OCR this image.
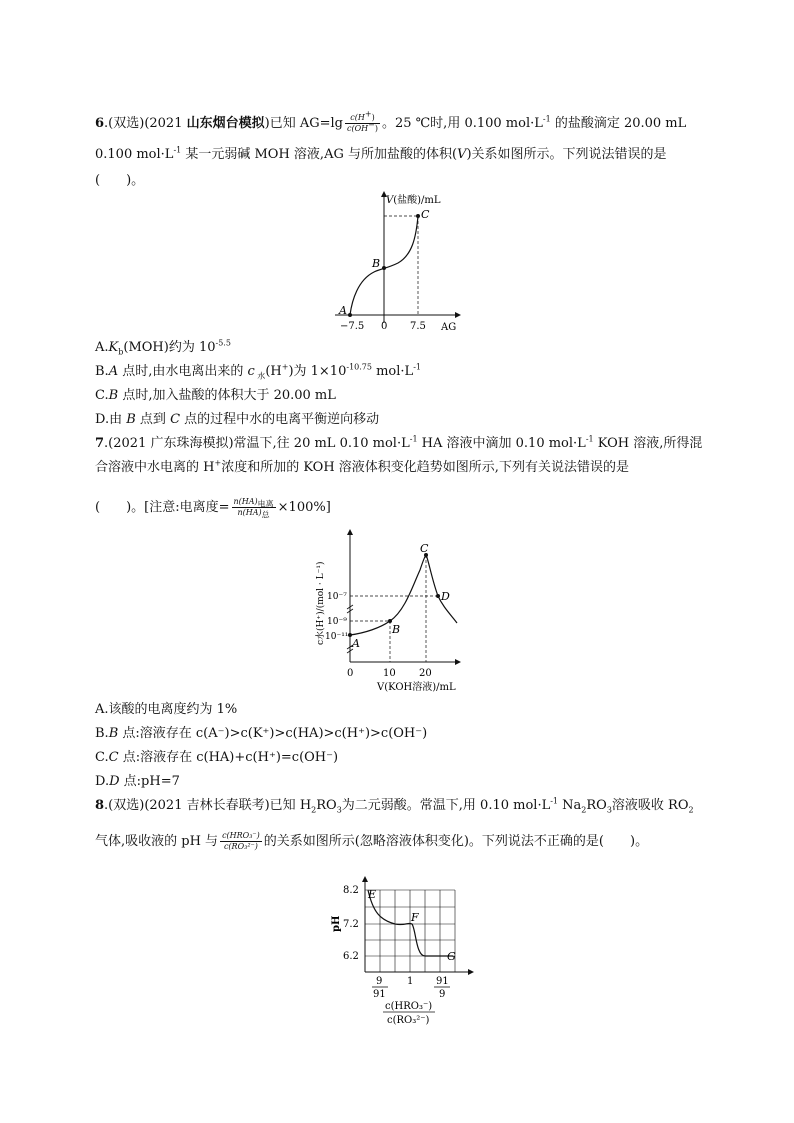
6.(双选)(2021 山东烟台模拟)已知 $AG=\lg \frac{c(H^+)}{c(OH^-)}$ 。25 ℃时,用 0.100 $mol\cdot L^{-1}$ 的盐酸滴定 20.00 mL
0.100 $mol\cdot L^{-1}$ 某一元弱碱 MOH 溶液,AG 与所加盐酸的体积(V)关系如图所示。下列说法错误的是
(　　)。
V(盐酸)/mL
AG
−7.5 0 7.5
A
B
C
$A.K_b(MOH)$约为 $10^{-5.5}$
B.A 点时,由水电离出来的 c $_水$(H+)为 $1\times 10^{-10.75}$ $mol\cdot L^{-1}$
C.B 点时,加入盐酸的体积大于 20.00 mL
D.由 B 点到 C 点的过程中水的电离平衡逆向移动
7.(2021 广东珠海模拟)常温下,往 20 mL 0.10 $mol\cdot L^{-1}$ HA 溶液中滴加 0.10 $mol\cdot L^{-1}$ KOH 溶液,所得混
合溶液中水电离的 H+浓度和所加的 KOH 溶液体积变化趋势如图所示,下列有关说法错误的是
(　　)。[注意:电离度= $\frac{n(HA)_{电离}}{n(HA)_总} \times 100\%$]
c水(H⁺)/(mol · L⁻¹) 10⁻⁷
10⁻⁹
10⁻¹¹
0	10 20
V(KOH溶液)/mL
A
B
C
D
A.该酸的电离度约为 1%
B.B 点:溶液存在 c(A⁻)>c(K⁺)>c(HA)>c(H⁺)>c(OH⁻)
C.C 点:溶液存在 c(HA)+c(H⁺)=c(OH⁻)
D.D 点:pH=7
8.(双选)(2021 吉林长春联考)已知 $H_2RO_3$为二元弱酸。常温下,用 0.10 $mol\cdot L^{-1}$ $Na_2RO_3$溶液吸收 $RO_2$
气体,吸收液的 pH 与 $\frac{\text{c(HRO₃⁻)}}{\text{c(RO₃²⁻)}}$ 的关系如图所示(忽略溶液体积变化)。下列说法不正确的是(　　)。
pH
8.2
7.2
6.2
E
F
G
9
91
1 91
9
c(HRO₃⁻)
c(RO₃²⁻)
